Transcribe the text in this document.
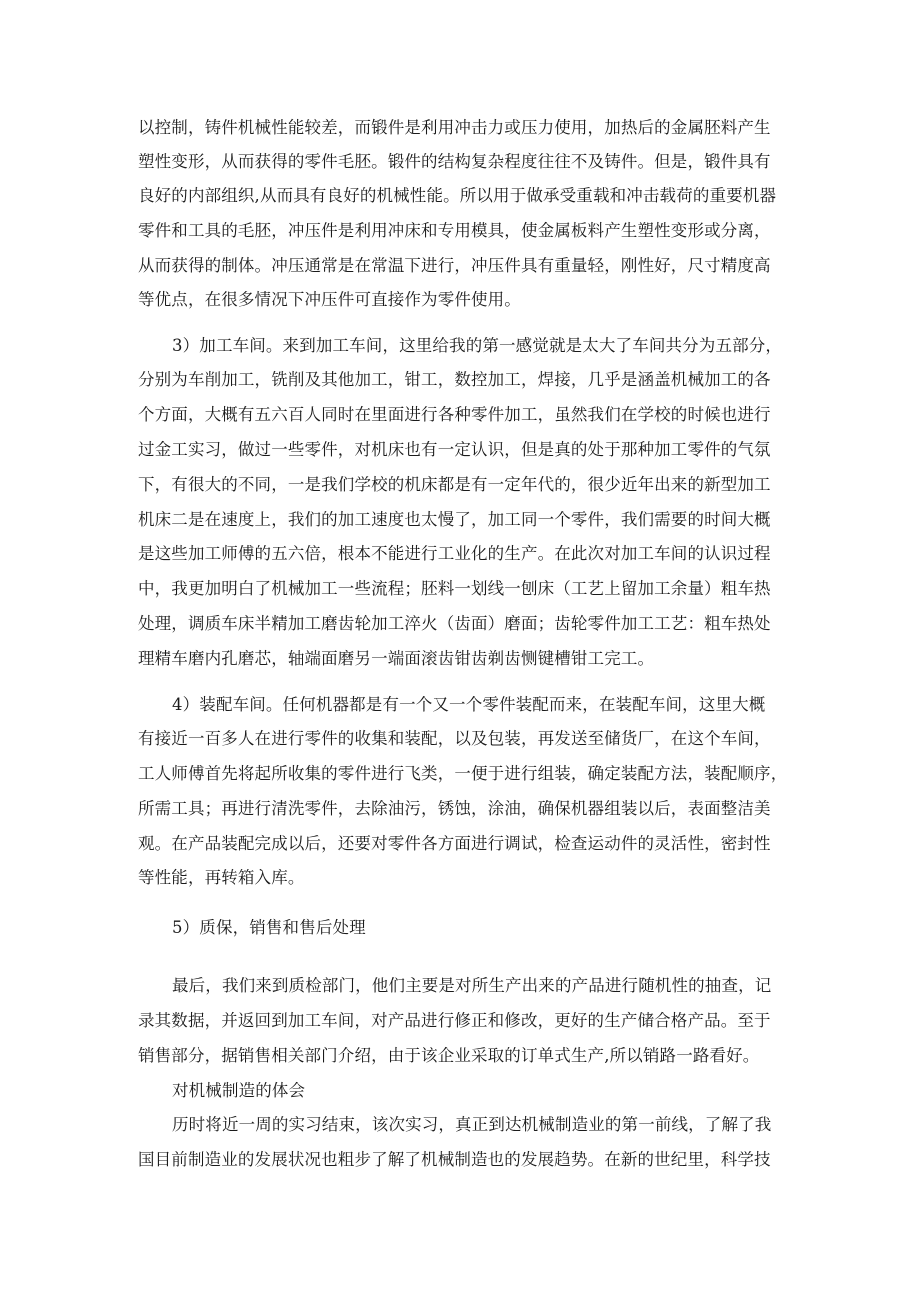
以控制，铸件机械性能较差，而锻件是利用冲击力或压力使用，加热后的金属胚料产生

塑性变形，从而获得的零件毛胚。锻件的结构复杂程度往往不及铸件。但是，锻件具有

良好的内部组织,从而具有良好的机械性能。所以用于做承受重载和冲击载荷的重要机器

零件和工具的毛胚，冲压件是利用冲床和专用模具，使金属板料产生塑性变形或分离，

从而获得的制体。冲压通常是在常温下进行，冲压件具有重量轻，刚性好，尺寸精度高

等优点，在很多情况下冲压件可直接作为零件使用。

3）加工车间。来到加工车间，这里给我的第一感觉就是太大了车间共分为五部分，

分别为车削加工，铣削及其他加工，钳工，数控加工，焊接，几乎是涵盖机械加工的各

个方面，大概有五六百人同时在里面进行各种零件加工，虽然我们在学校的时候也进行

过金工实习，做过一些零件，对机床也有一定认识，但是真的处于那种加工零件的气氛

下，有很大的不同，一是我们学校的机床都是有一定年代的，很少近年出来的新型加工

机床二是在速度上，我们的加工速度也太慢了，加工同一个零件，我们需要的时间大概

是这些加工师傅的五六倍，根本不能进行工业化的生产。在此次对加工车间的认识过程

中，我更加明白了机械加工一些流程；胚料一划线一刨床（工艺上留加工余量）粗车热

处理，调质车床半精加工磨齿轮加工淬火（齿面）磨面；齿轮零件加工工艺：粗车热处

理精车磨内孔磨芯，轴端面磨另一端面滚齿钳齿剃齿恻键槽钳工完工。

4）装配车间。任何机器都是有一个又一个零件装配而来，在装配车间，这里大概

有接近一百多人在进行零件的收集和装配，以及包装，再发送至储货厂，在这个车间，

工人师傅首先将起所收集的零件进行飞类，一便于进行组装，确定装配方法，装配顺序，

所需工具；再进行清洗零件，去除油污，锈蚀，涂油，确保机器组装以后，表面整洁美

观。在产品装配完成以后，还要对零件各方面进行调试，检查运动件的灵活性，密封性

等性能，再转箱入库。

5）质保，销售和售后处理

最后，我们来到质检部门，他们主要是对所生产出来的产品进行随机性的抽查，记

录其数据，并返回到加工车间，对产品进行修正和修改，更好的生产储合格产品。至于

销售部分，据销售相关部门介绍，由于该企业采取的订单式生产,所以销路一路看好。

对机械制造的体会

历时将近一周的实习结束，该次实习，真正到达机械制造业的第一前线，了解了我

国目前制造业的发展状况也粗步了解了机械制造也的发展趋势。在新的世纪里，科学技
